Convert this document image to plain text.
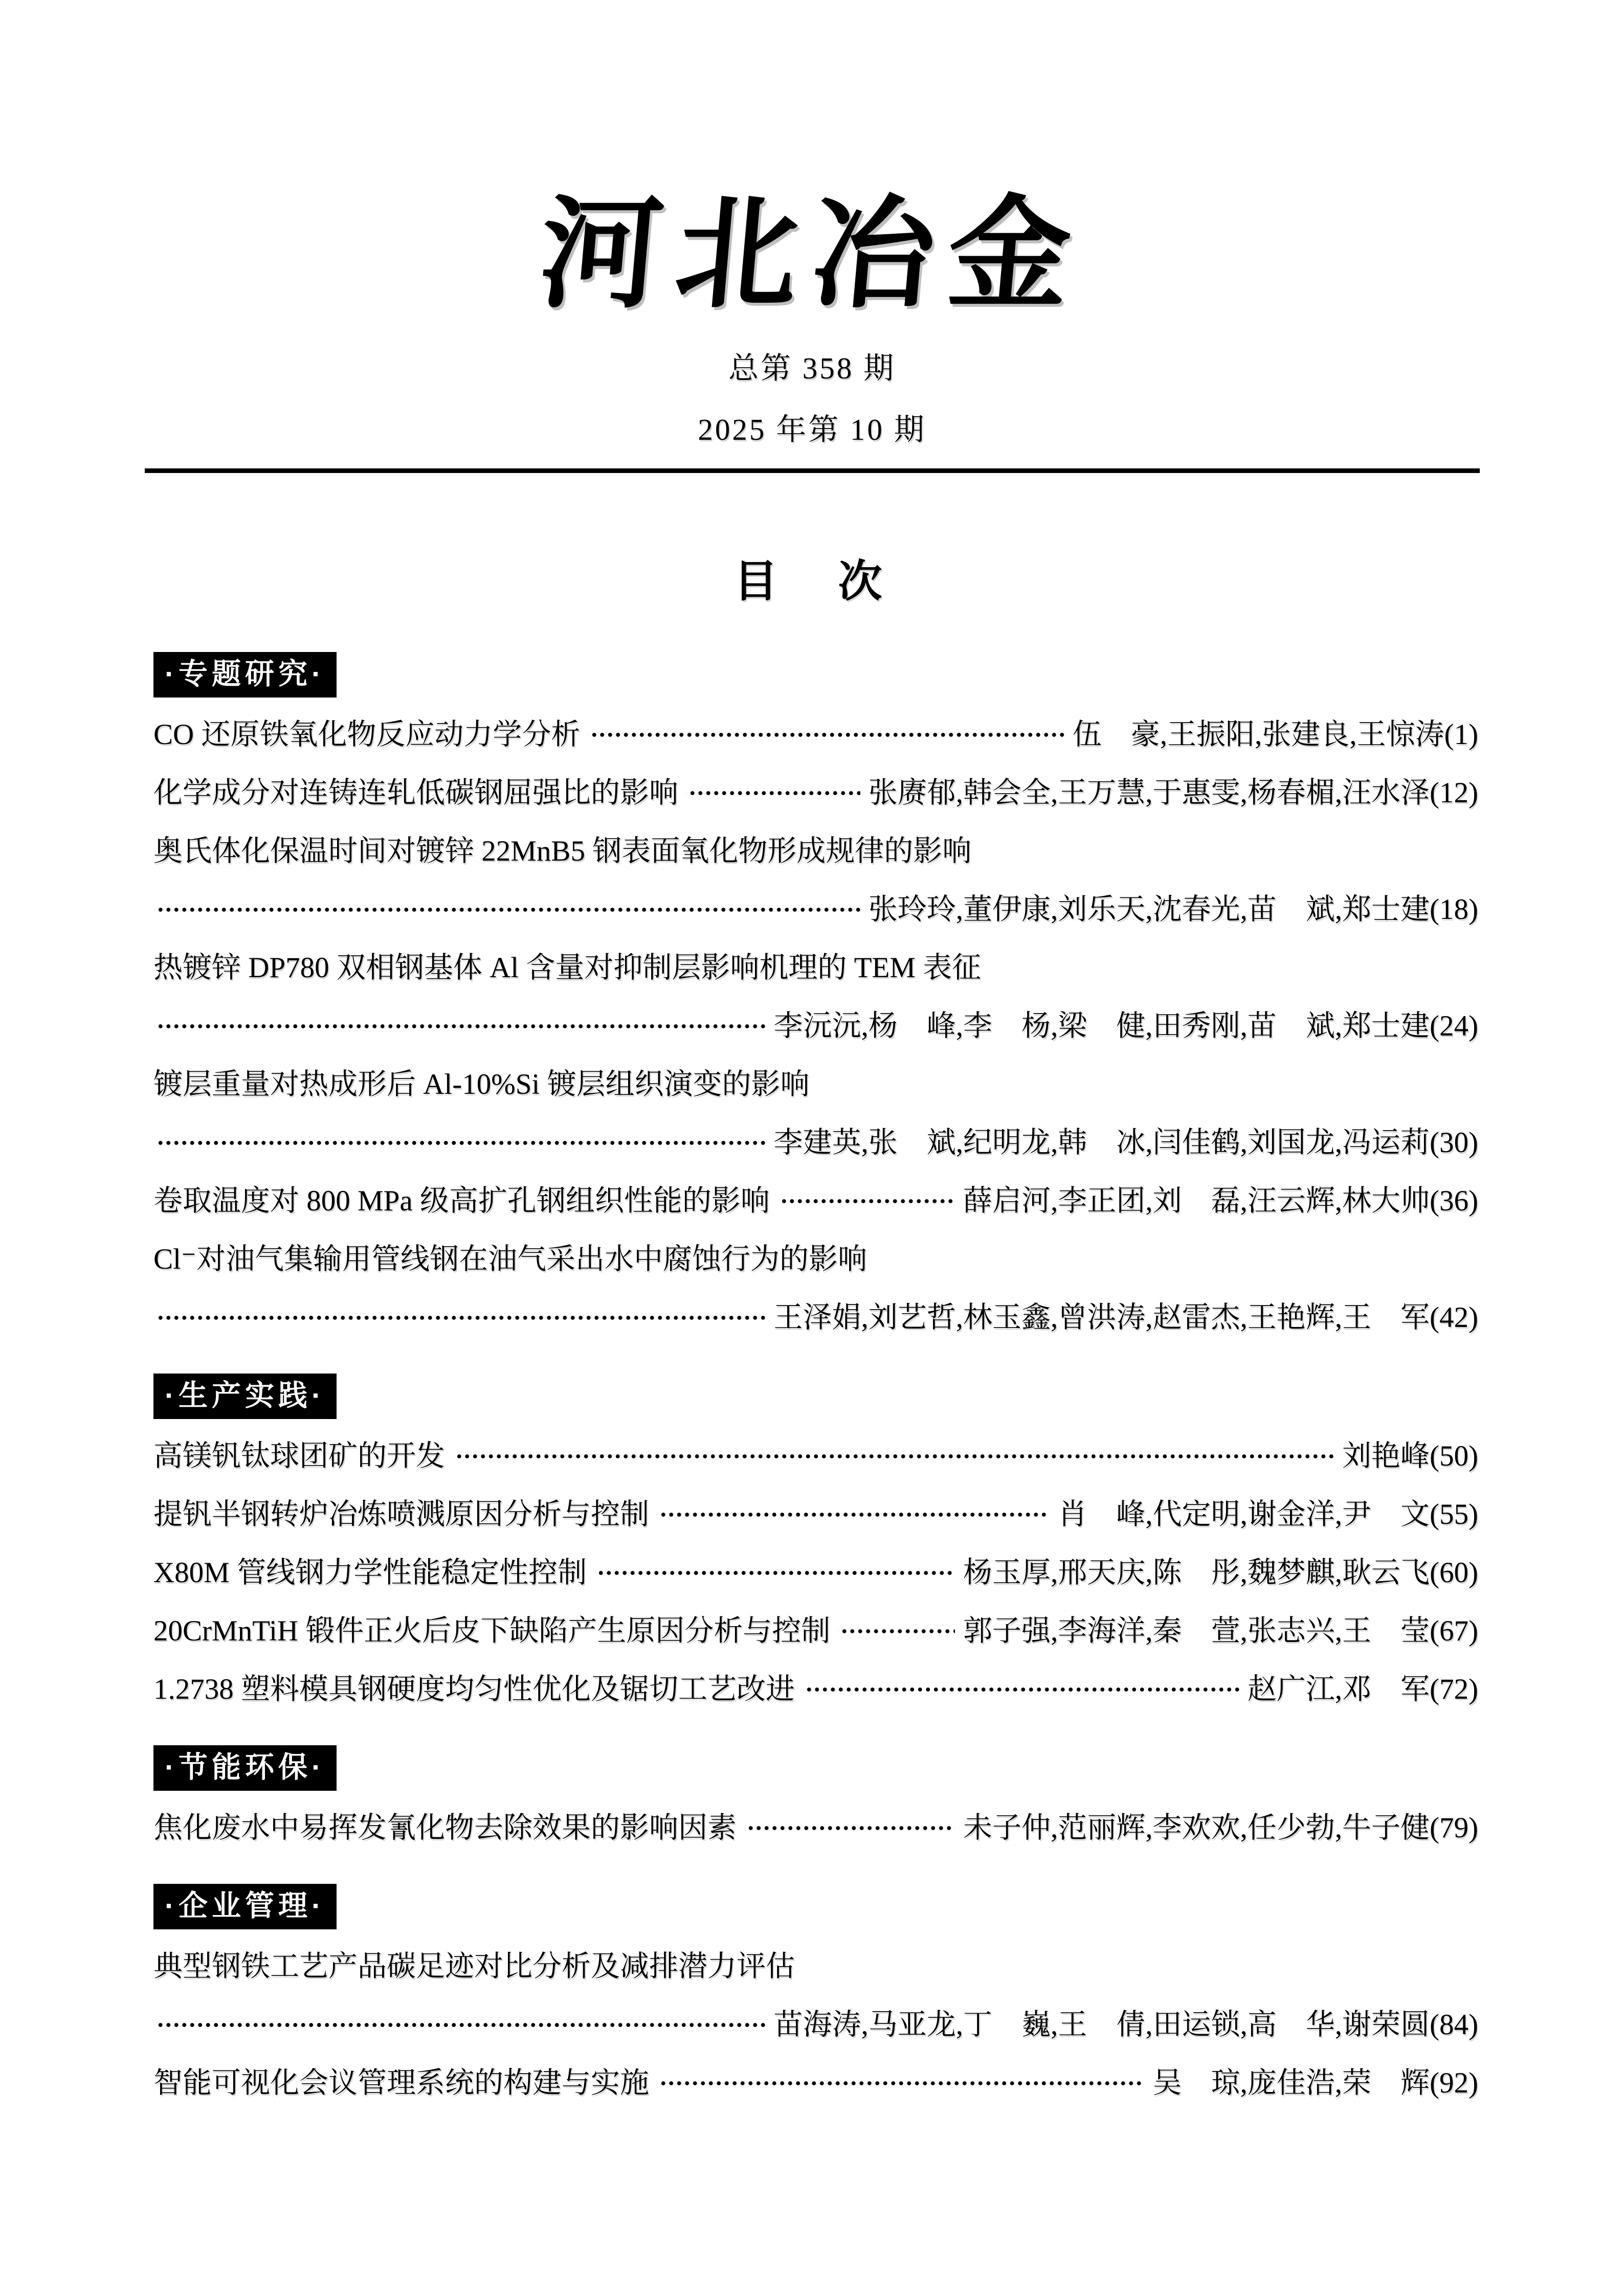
河北冶金
总第 358 期
2025 年第 10 期
目　次
·专题研究·
CO 还原铁氧化物反应动力学分析	伍　豪,王振阳,张建良,王惊涛(1)
化学成分对连铸连轧低碳钢屈强比的影响	张赓郁,韩会全,王万慧,于惠雯,杨春楣,汪水泽(12)
奥氏体化保温时间对镀锌 22MnB5 钢表面氧化物形成规律的影响
张玲玲,董伊康,刘乐天,沈春光,苗　斌,郑士建(18)
热镀锌 DP780 双相钢基体 Al 含量对抑制层影响机理的 TEM 表征
李沅沅,杨　峰,李　杨,梁　健,田秀刚,苗　斌,郑士建(24)
镀层重量对热成形后 Al-10%Si 镀层组织演变的影响
李建英,张　斌,纪明龙,韩　冰,闫佳鹤,刘国龙,冯运莉(30)
卷取温度对 800 MPa 级高扩孔钢组织性能的影响	薛启河,李正团,刘　磊,汪云辉,林大帅(36)
Cl⁻对油气集输用管线钢在油气采出水中腐蚀行为的影响
王泽娟,刘艺哲,林玉鑫,曾洪涛,赵雷杰,王艳辉,王　军(42)
·生产实践·
高镁钒钛球团矿的开发	刘艳峰(50)
提钒半钢转炉冶炼喷溅原因分析与控制	肖　峰,代定明,谢金洋,尹　文(55)
X80M 管线钢力学性能稳定性控制	杨玉厚,邢天庆,陈　彤,魏梦麒,耿云飞(60)
20CrMnTiH 锻件正火后皮下缺陷产生原因分析与控制	郭子强,李海洋,秦　萱,张志兴,王　莹(67)
1.2738 塑料模具钢硬度均匀性优化及锯切工艺改进	赵广江,邓　军(72)
·节能环保·
焦化废水中易挥发氰化物去除效果的影响因素	未子仲,范丽辉,李欢欢,任少勃,牛子健(79)
·企业管理·
典型钢铁工艺产品碳足迹对比分析及减排潜力评估
苗海涛,马亚龙,丁　巍,王　倩,田运锁,高　华,谢荣圆(84)
智能可视化会议管理系统的构建与实施	吴　琼,庞佳浩,荣　辉(92)
